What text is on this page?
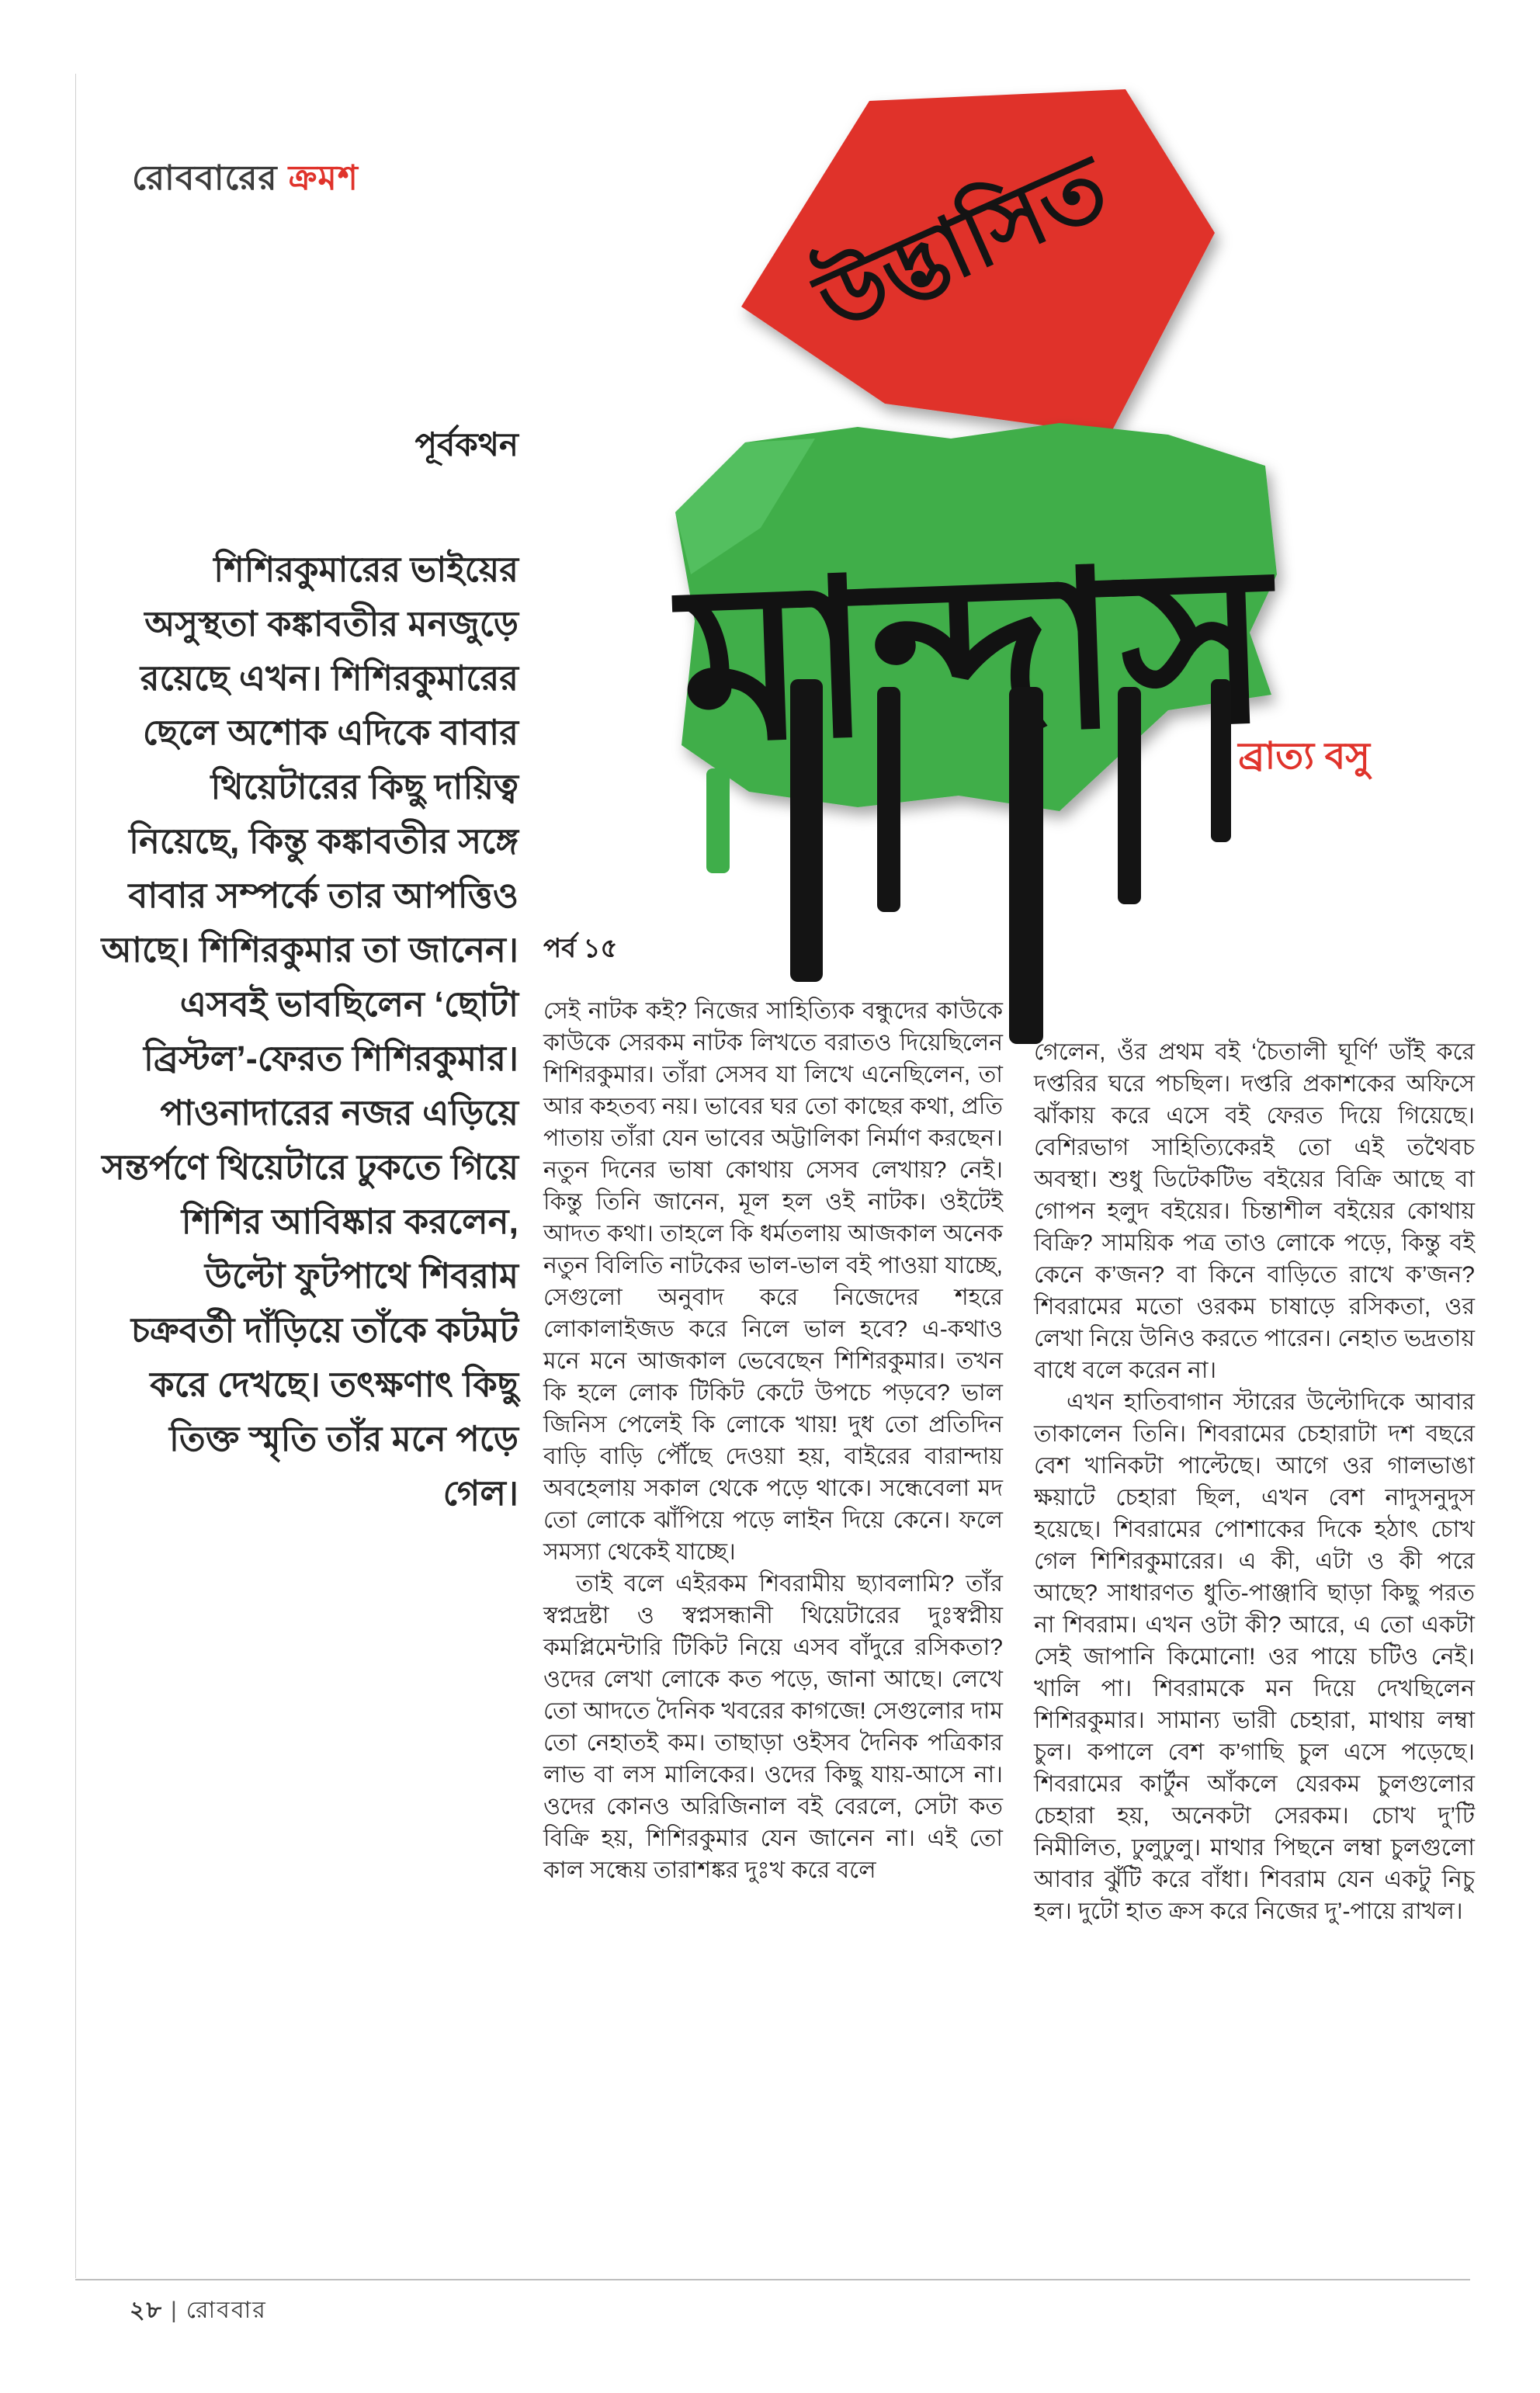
রোববারের ক্রমশ	উদ্ভাসিত
মান্দাস
ব্রাত্য বসু
পূর্বকথন
শিশিরকুমারের ভাইয়ের অসুস্থতা কঙ্কাবতীর মনজুড়ে রয়েছে এখন। শিশিরকুমারের ছেলে অশোক এদিকে বাবার থিয়েটারের কিছু দায়িত্ব নিয়েছে, কিন্তু কঙ্কাবতীর সঙ্গে বাবার সম্পর্কে তার আপত্তিও আছে। শিশিরকুমার তা জানেন। এসবই ভাবছিলেন ‘ছোটা ব্রিস্টল’-ফেরত শিশিরকুমার। পাওনাদারের নজর এড়িয়ে সন্তর্পণে থিয়েটারে ঢুকতে গিয়ে শিশির আবিষ্কার করলেন, উল্টো ফুটপাথে শিবরাম চক্রবর্তী দাঁড়িয়ে তাঁকে কটমট করে দেখছে। তৎক্ষণাৎ কিছু তিক্ত স্মৃতি তাঁর মনে পড়ে গেল।
পর্ব ১৫

সেই নাটক কই? নিজের সাহিত্যিক বন্ধুদের কাউকে কাউকে সেরকম নাটক লিখতে বরাতও দিয়েছিলেন শিশিরকুমার। তাঁরা সেসব যা লিখে এনেছিলেন, তা আর কহতব্য নয়। ভাবের ঘর তো কাছের কথা, প্রতি পাতায় তাঁরা যেন ভাবের অট্টালিকা নির্মাণ করছেন। নতুন দিনের ভাষা কোথায় সেসব লেখায়? নেই। কিন্তু তিনি জানেন, মূল হল ওই নাটক। ওইটেই আদত কথা। তাহলে কি ধর্মতলায় আজকাল অনেক নতুন বিলিতি নাটকের ভাল-ভাল বই পাওয়া যাচ্ছে, সেগুলো অনুবাদ করে নিজেদের শহরে লোকালাইজড করে নিলে ভাল হবে? এ-কথাও মনে মনে আজকাল ভেবেছেন শিশিরকুমার। তখন কি হলে লোক টিকিট কেটে উপচে পড়বে? ভাল জিনিস পেলেই কি লোকে খায়! দুধ তো প্রতিদিন বাড়ি বাড়ি পৌঁছে দেওয়া হয়, বাইরের বারান্দায় অবহেলায় সকাল থেকে পড়ে থাকে। সন্ধেবেলা মদ তো লোকে ঝাঁপিয়ে পড়ে লাইন দিয়ে কেনে। ফলে সমস্যা থেকেই যাচ্ছে।

তাই বলে এইরকম শিবরামীয় ছ্যাবলামি? তাঁর স্বপ্নদ্রষ্টা ও স্বপ্নসন্ধানী থিয়েটারের দুঃস্বপ্নীয় কমপ্লিমেন্টারি টিকিট নিয়ে এসব বাঁদুরে রসিকতা? ওদের লেখা লোকে কত পড়ে, জানা আছে। লেখে তো আদতে দৈনিক খবরের কাগজে! সেগুলোর দাম তো নেহাতই কম। তাছাড়া ওইসব দৈনিক পত্রিকার লাভ বা লস মালিকের। ওদের কিছু যায়-আসে না। ওদের কোনও অরিজিনাল বই বেরলে, সেটা কত বিক্রি হয়, শিশিরকুমার যেন জানেন না। এই তো কাল সন্ধেয় তারাশঙ্কর দুঃখ করে বলে

গেলেন, ওঁর প্রথম বই ‘চৈতালী ঘূর্ণি’ ডাঁই করে দপ্তরির ঘরে পচছিল। দপ্তরি প্রকাশকের অফিসে ঝাঁকায় করে এসে বই ফেরত দিয়ে গিয়েছে। বেশিরভাগ সাহিত্যিকেরই তো এই তথৈবচ অবস্থা। শুধু ডিটেকটিভ বইয়ের বিক্রি আছে বা গোপন হলুদ বইয়ের। চিন্তাশীল বইয়ের কোথায় বিক্রি? সাময়িক পত্র তাও লোকে পড়ে, কিন্তু বই কেনে ক’জন? বা কিনে বাড়িতে রাখে ক’জন? শিবরামের মতো ওরকম চাষাড়ে রসিকতা, ওর লেখা নিয়ে উনিও করতে পারেন। নেহাত ভদ্রতায় বাধে বলে করেন না।

এখন হাতিবাগান স্টারের উল্টোদিকে আবার তাকালেন তিনি। শিবরামের চেহারাটা দশ বছরে বেশ খানিকটা পাল্টেছে। আগে ওর গালভাঙা ক্ষয়াটে চেহারা ছিল, এখন বেশ নাদুসনুদুস হয়েছে। শিবরামের পোশাকের দিকে হঠাৎ চোখ গেল শিশিরকুমারের। এ কী, এটা ও কী পরে আছে? সাধারণত ধুতি-পাঞ্জাবি ছাড়া কিছু পরত না শিবরাম। এখন ওটা কী? আরে, এ তো একটা সেই জাপানি কিমোনো! ওর পায়ে চটিও নেই। খালি পা। শিবরামকে মন দিয়ে দেখছিলেন শিশিরকুমার। সামান্য ভারী চেহারা, মাথায় লম্বা চুল। কপালে বেশ ক’গাছি চুল এসে পড়েছে। শিবরামের কার্টুন আঁকলে যেরকম চুলগুলোর চেহারা হয়, অনেকটা সেরকম। চোখ দু’টি নিমীলিত, ঢুলুঢুলু। মাথার পিছনে লম্বা চুলগুলো আবার ঝুঁটি করে বাঁধা। শিবরাম যেন একটু নিচু হল। দুটো হাত ক্রস করে নিজের দু’-পায়ে রাখল।

২৮ | রোববার
